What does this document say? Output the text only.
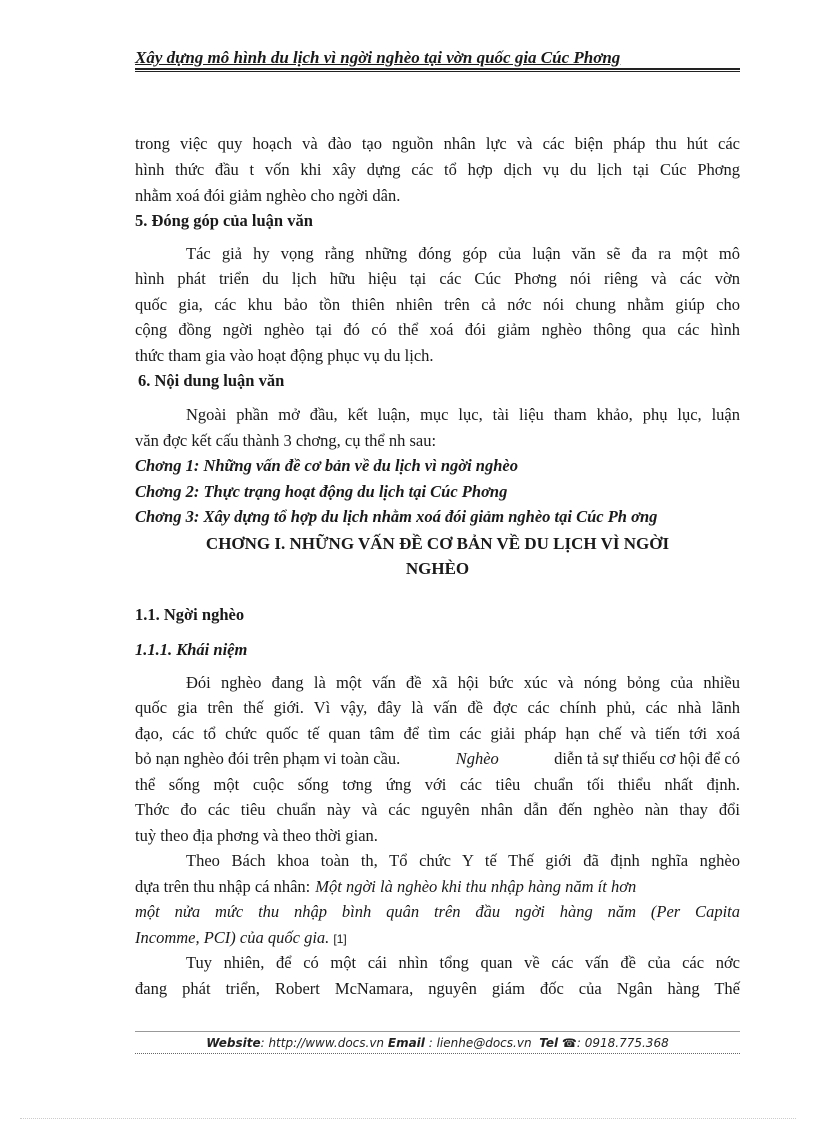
Xây dựng mô hình du lịch vì ngời nghèo tại vờn quốc gia Cúc Phơng
trong việc quy hoạch và đào tạo nguồn nhân lực và các biện pháp thu hút các
hình thức đầu t vốn khi xây dựng các tổ hợp dịch vụ du lịch tại Cúc Phơng
nhằm xoá đói giảm nghèo cho ngời dân.
5. Đóng góp của luận văn
Tác giả hy vọng rằng những đóng góp của luận văn sẽ đa ra một mô
hình phát triển du lịch hữu hiệu tại các Cúc Phơng nói riêng và các vờn
quốc gia, các khu bảo tồn thiên nhiên trên cả nớc nói chung nhằm giúp cho
cộng đồng ngời nghèo tại đó có thể xoá đói giảm nghèo thông qua các hình
thức tham gia vào hoạt động phục vụ du lịch.
6. Nội dung luận văn
Ngoài phần mở đầu, kết luận, mục lục, tài liệu tham khảo, phụ lục, luận
văn đợc kết cấu thành 3 chơng, cụ thể nh sau:
Chơng 1: Những vấn đề cơ bản về du lịch vì ngời nghèo
Chơng 2: Thực trạng hoạt động du lịch tại Cúc Phơng
Chơng 3: Xây dựng tổ hợp du lịch nhằm xoá đói giảm nghèo tại Cúc Ph ơng
CHƠNG I. NHỮNG VẤN ĐỀ CƠ BẢN VỀ DU LỊCH VÌ NGỜI
NGHÈO
1.1. Ngời nghèo
1.1.1. Khái niệm
Đói nghèo đang là một vấn đề xã hội bức xúc và nóng bỏng của nhiều
quốc gia trên thế giới. Vì vậy, đây là vấn đề đợc các chính phủ, các nhà lãnh
đạo, các tổ chức quốc tế quan tâm để tìm các giải pháp hạn chế và tiến tới xoá
bỏ nạn nghèo đói trên phạm vi toàn cầu.	Nghèo	diễn tả sự thiếu cơ hội để có
thể sống một cuộc sống tơng ứng với các tiêu chuẩn tối thiểu nhất định.
Thớc đo các tiêu chuẩn này và các nguyên nhân dẫn đến nghèo nàn thay đổi
tuỳ theo địa phơng và theo thời gian.
Theo Bách khoa toàn th, Tổ chức Y tế Thế giới đã định nghĩa nghèo
dựa trên thu nhập cá nhân: Một ngời là nghèo khi thu nhập hàng năm ít hơn
một nửa mức thu nhập bình quân trên đầu ngời hàng năm (Per Capita
Incomme, PCI) của quốc gia. [1]
Tuy nhiên, để có một cái nhìn tổng quan về các vấn đề của các nớc
đang phát triển, Robert McNamara, nguyên giám đốc của Ngân hàng Thế
Website: http://www.docs.vn Email : lienhe@docs.vn Tel ☎: 0918.775.368
